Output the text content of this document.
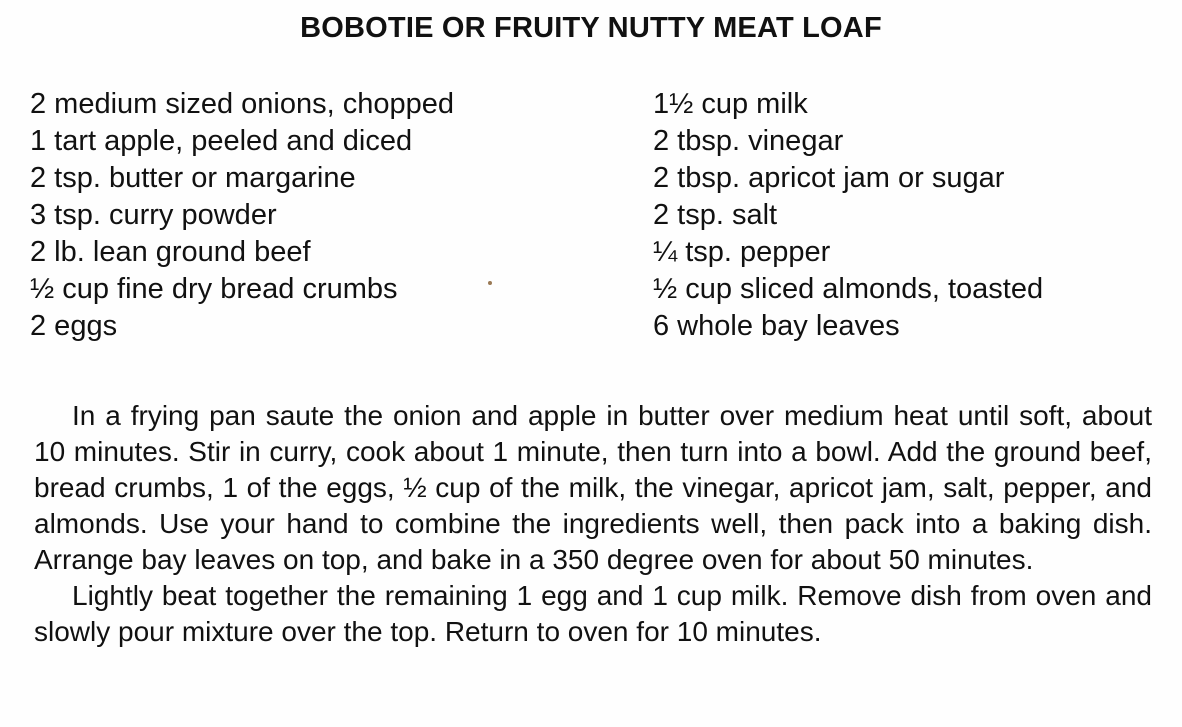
BOBOTIE OR FRUITY NUTTY MEAT LOAF
2 medium sized onions, chopped
1 tart apple, peeled and diced
2 tsp. butter or margarine
3 tsp. curry powder
2 lb. lean ground beef
½ cup fine dry bread crumbs
2 eggs
1½ cup milk
2 tbsp. vinegar
2 tbsp. apricot jam or sugar
2 tsp. salt
¼ tsp. pepper
½ cup sliced almonds, toasted
6 whole bay leaves

In a frying pan saute the onion and apple in butter over medium heat until soft, about 10 minutes. Stir in curry, cook about 1 minute, then turn into a bowl. Add the ground beef, bread crumbs, 1 of the eggs, ½ cup of the milk, the vinegar, apricot jam, salt, pepper, and almonds. Use your hand to combine the ingredients well, then pack into a baking dish. Arrange bay leaves on top, and bake in a 350 degree oven for about 50 minutes.

Lightly beat together the remaining 1 egg and 1 cup milk. Remove dish from oven and slowly pour mixture over the top. Return to oven for 10 minutes.
